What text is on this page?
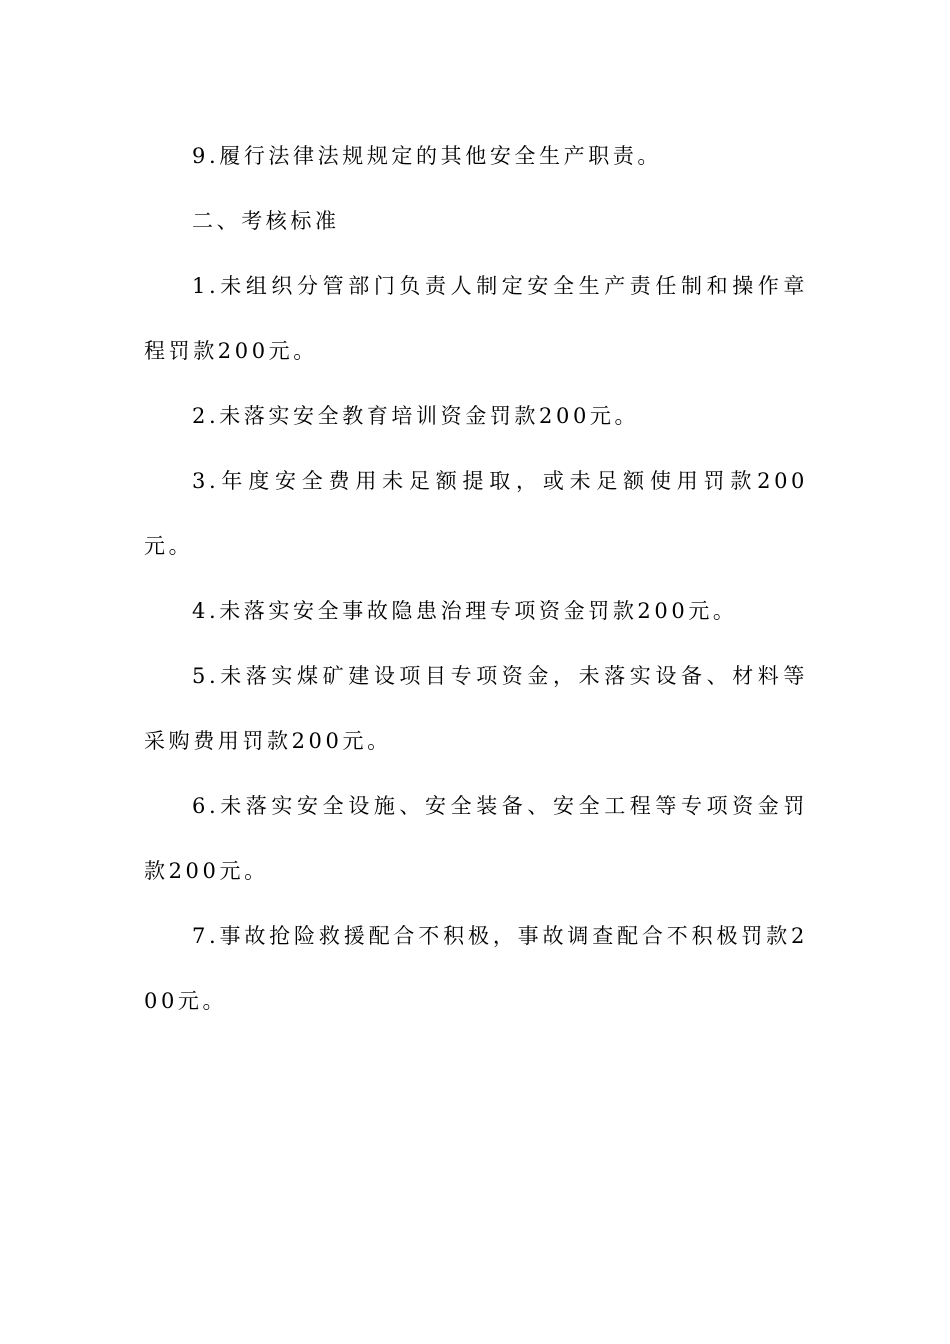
9.履行法律法规规定的其他安全生产职责。

二、考核标准

1.未组织分管部门负责人制定安全生产责任制和操作章程罚款200元。

2.未落实安全教育培训资金罚款200元。

3.年度安全费用未足额提取，或未足额使用罚款200元。

4.未落实安全事故隐患治理专项资金罚款200元。

5.未落实煤矿建设项目专项资金，未落实设备、材料等采购费用罚款200元。

6.未落实安全设施、安全装备、安全工程等专项资金罚款200元。

7.事故抢险救援配合不积极，事故调查配合不积极罚款200元。
